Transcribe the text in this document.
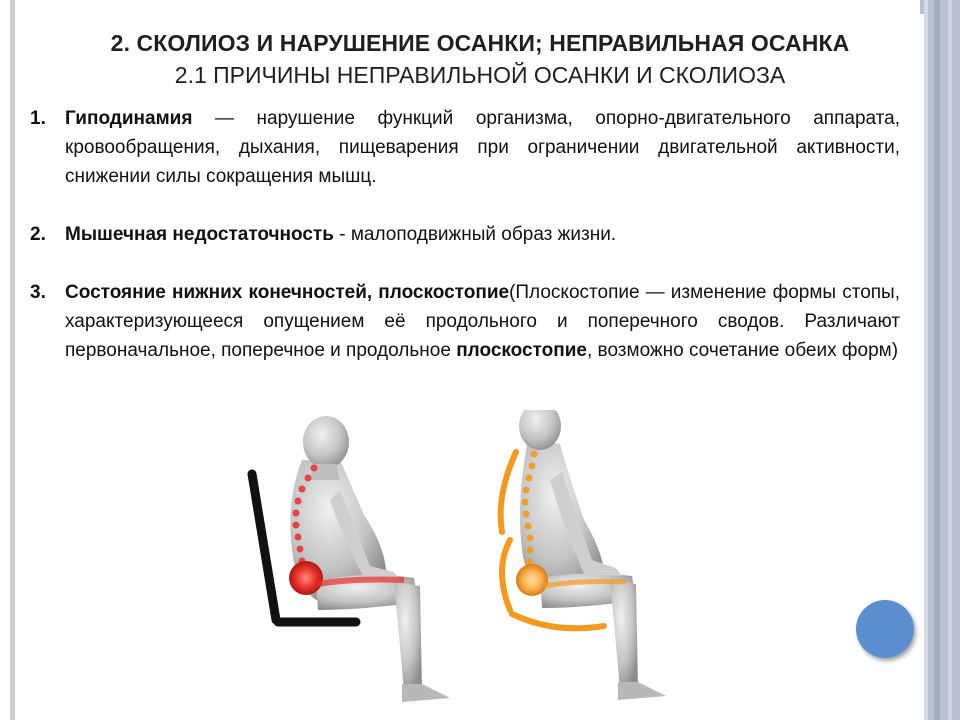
2. СКОЛИОЗ И НАРУШЕНИЕ ОСАНКИ; НЕПРАВИЛЬНАЯ ОСАНКА
2.1 ПРИЧИНЫ НЕПРАВИЛЬНОЙ ОСАНКИ И СКОЛИОЗА
1. Гиподинамия — нарушение функций организма, опорно-двигательного аппарата, кровообращения, дыхания, пищеварения при ограничении двигательной активности, снижении силы сокращения мышц.
2. Мышечная недостаточность - малоподвижный образ жизни.
3. Состояние нижних конечностей, плоскостопие(Плоскостопие — изменение формы стопы, характеризующееся опущением её продольного и поперечного сводов. Различают первоначальное, поперечное и продольное плоскостопие, возможно сочетание обеих форм)
